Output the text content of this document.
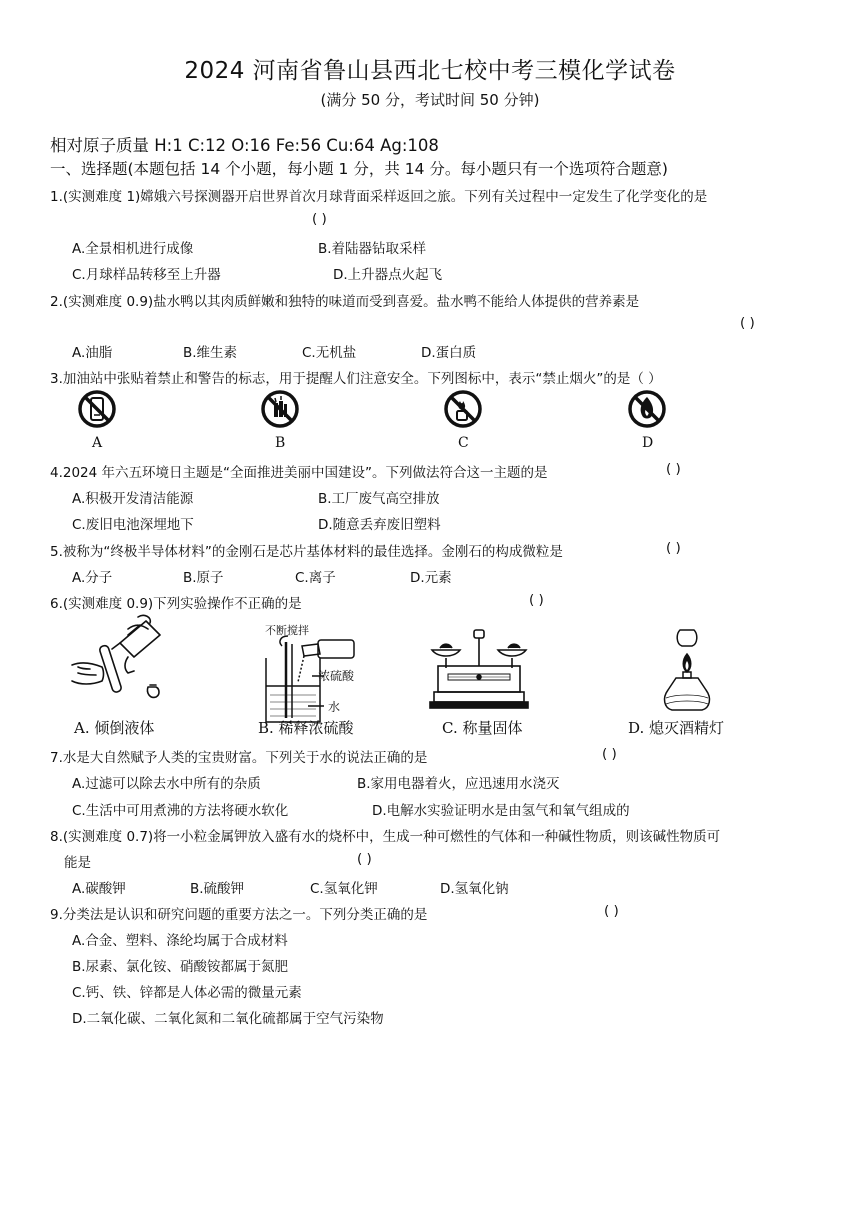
2024 河南省鲁山县西北七校中考三模化学试卷
(满分 50 分，考试时间 50 分钟)
相对原子质量 H:1 C:12 O:16 Fe:56 Cu:64 Ag:108
一、选择题(本题包括 14 个小题，每小题 1 分，共 14 分。每小题只有一个选项符合题意)
1.(实测难度 1)嫦娥六号探测器开启世界首次月球背面采样返回之旅。下列有关过程中一定发生了化学变化的是
( )
A.全景相机进行成像	B.着陆器钻取采样
C.月球样品转移至上升器	D.上升器点火起飞
2.(实测难度 0.9)盐水鸭以其肉质鲜嫩和独特的味道而受到喜爱。盐水鸭不能给人体提供的营养素是
( )
A.油脂	B.维生素	C.无机盐	D.蛋白质
3.加油站中张贴着禁止和警告的标志，用于提醒人们注意安全。下列图标中，表示“禁止烟火”的是（ ）
A	B	C	D
4.2024 年六五环境日主题是“全面推进美丽中国建设”。下列做法符合这一主题的是	( )
A.积极开发清洁能源	B.工厂废气高空排放
C.废旧电池深埋地下	D.随意丢弃废旧塑料
5.被称为“终极半导体材料”的金刚石是芯片基体材料的最佳选择。金刚石的构成微粒是	( )
A.分子	B.原子	C.离子	D.元素
6.(实测难度 0.9)下列实验操作不正确的是	( )
不断搅拌
浓硫酸
水
A. 倾倒液体	B. 稀释浓硫酸	C. 称量固体	D. 熄灭酒精灯
7.水是大自然赋予人类的宝贵财富。下列关于水的说法正确的是	( )
A.过滤可以除去水中所有的杂质	B.家用电器着火，应迅速用水浇灭
C.生活中可用煮沸的方法将硬水软化	D.电解水实验证明水是由氢气和氧气组成的
8.(实测难度 0.7)将一小粒金属钾放入盛有水的烧杯中，生成一种可燃性的气体和一种碱性物质，则该碱性物质可
能是	( )
A.碳酸钾	B.硫酸钾	C.氢氧化钾	D.氢氧化钠
9.分类法是认识和研究问题的重要方法之一。下列分类正确的是	( )
A.合金、塑料、涤纶均属于合成材料
B.尿素、氯化铵、硝酸铵都属于氮肥
C.钙、铁、锌都是人体必需的微量元素
D.二氧化碳、二氧化氮和二氧化硫都属于空气污染物
